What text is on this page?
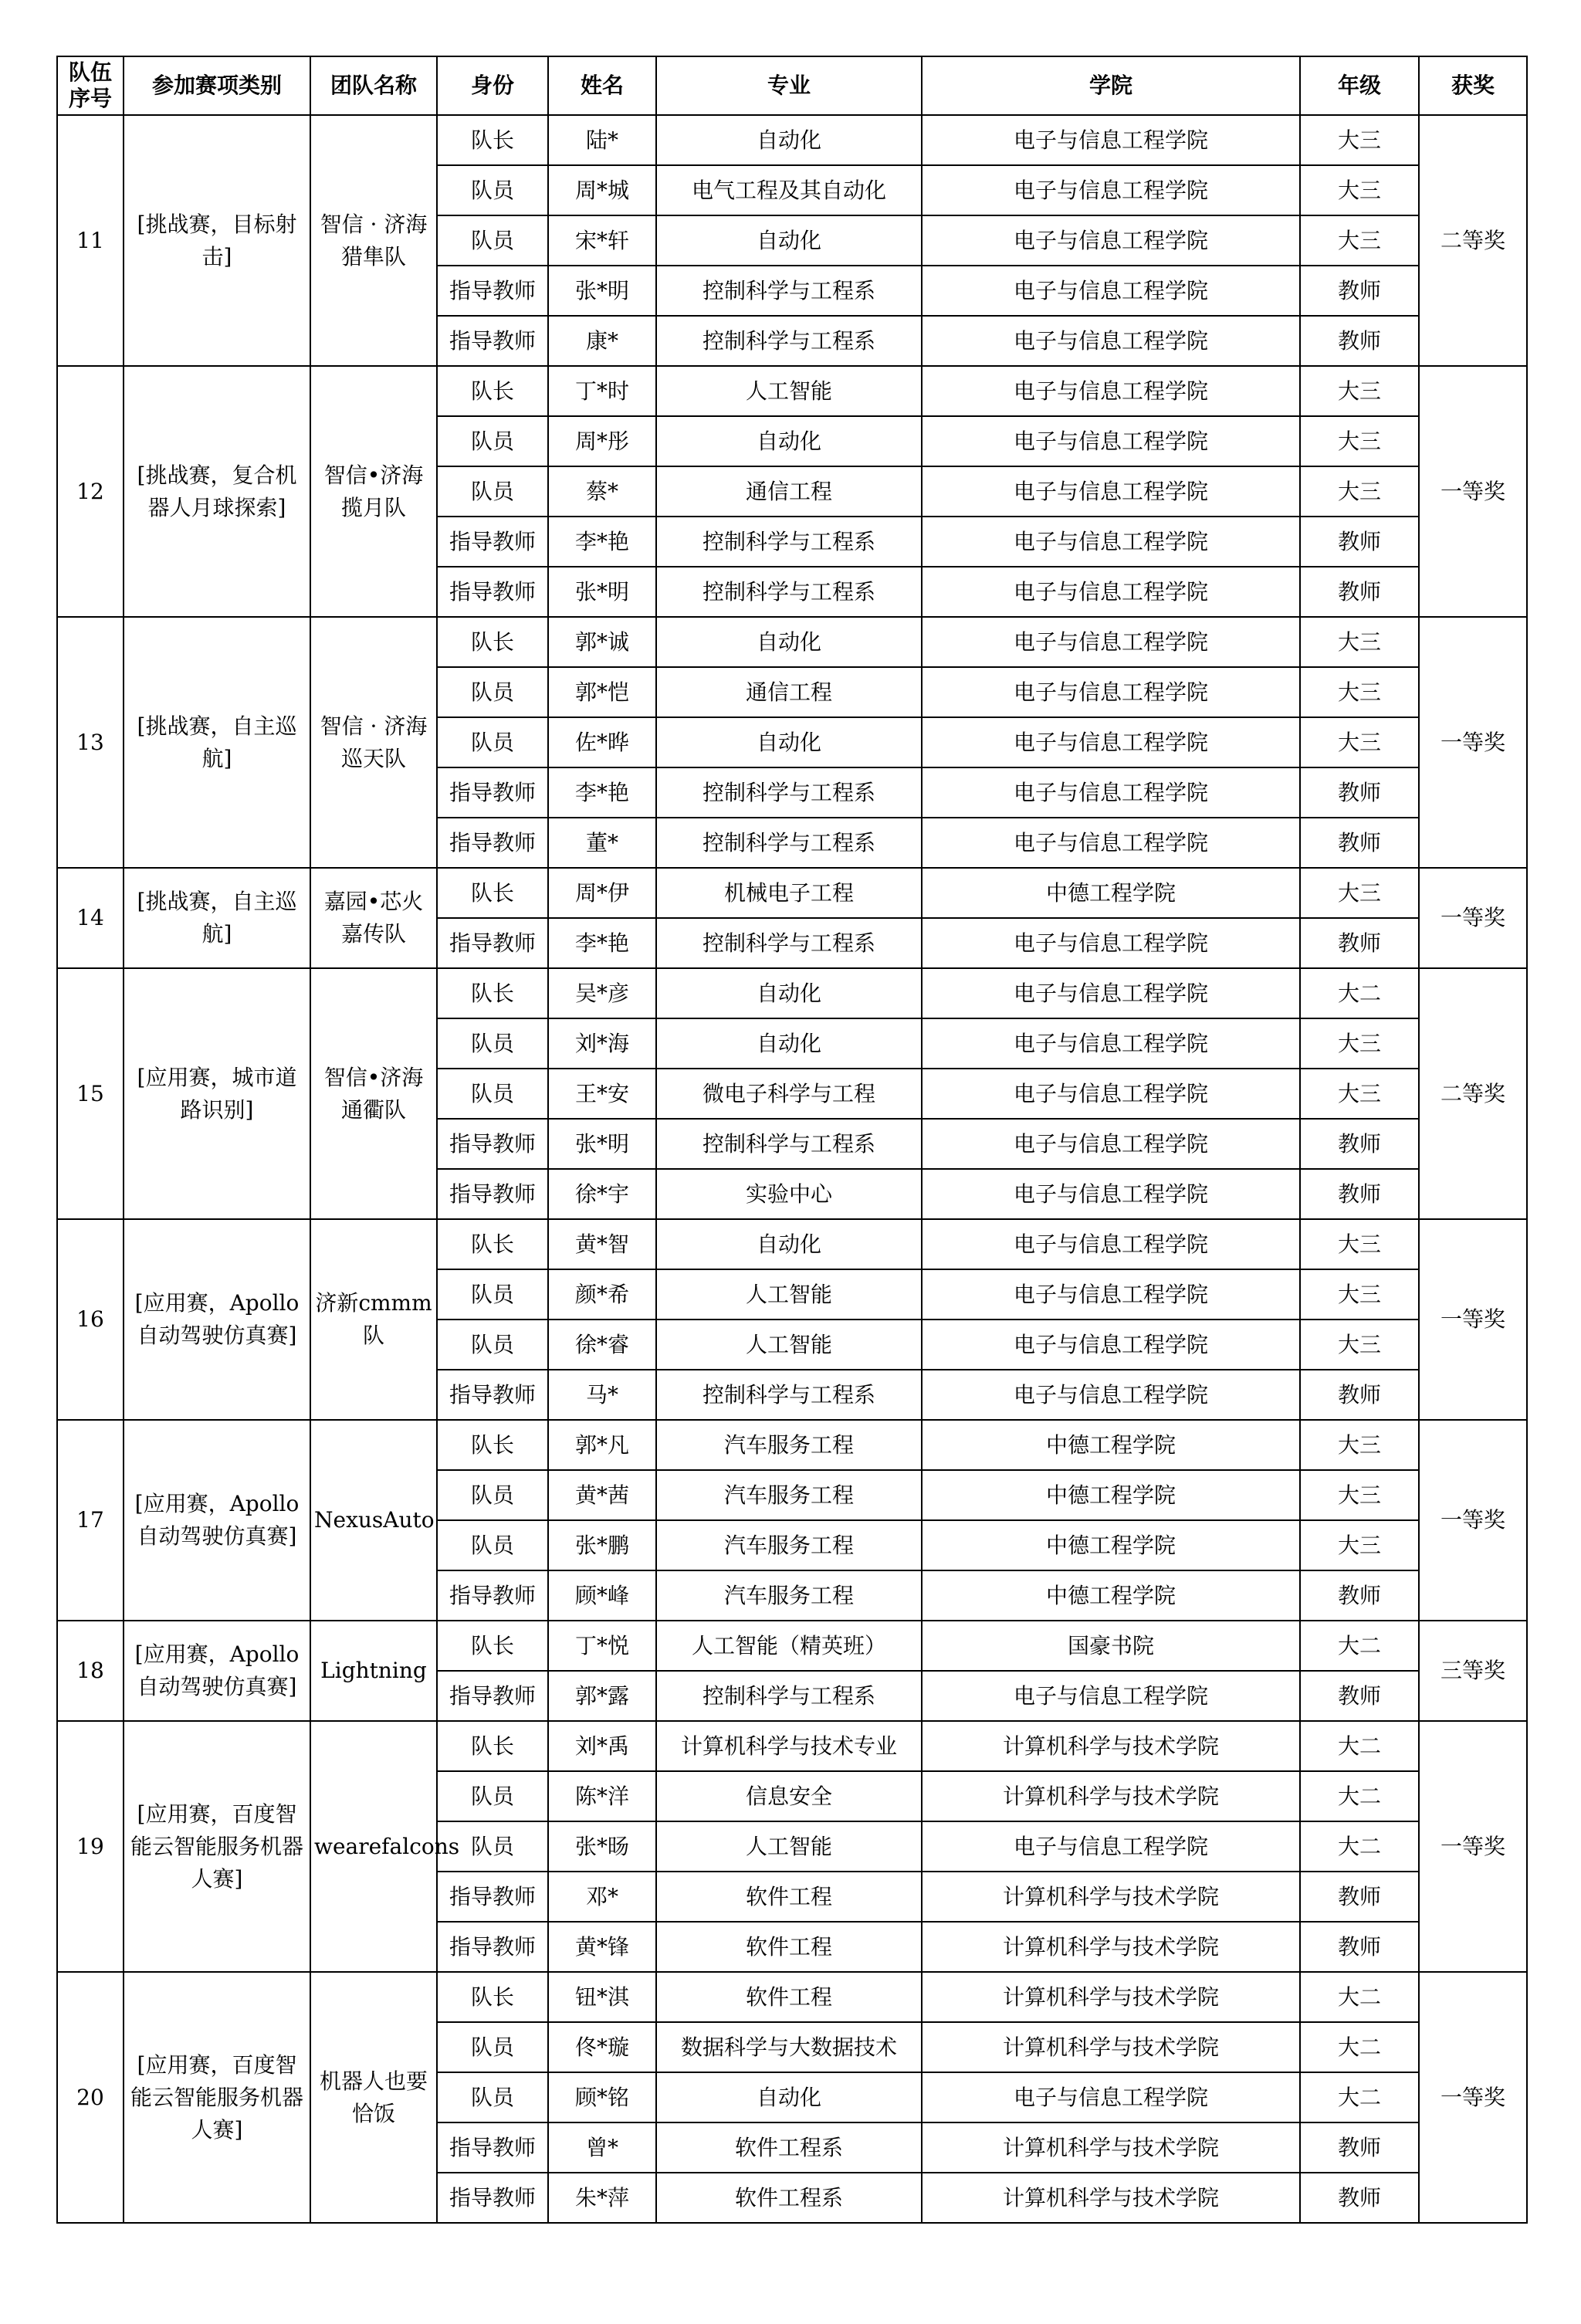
队伍序号	参加赛项类别	团队名称	身份	姓名	专业	学院	年级	获奖
11	[挑战赛，目标射击]	智信 · 济海猎隼队	队长	陆*	自动化	电子与信息工程学院	大三	二等奖
			队员	周*城	电气工程及其自动化	电子与信息工程学院	大三	
			队员	宋*轩	自动化	电子与信息工程学院	大三	
			指导教师	张*明	控制科学与工程系	电子与信息工程学院	教师	
			指导教师	康*	控制科学与工程系	电子与信息工程学院	教师	
12	[挑战赛，复合机器人月球探索]	智信•济海揽月队	队长	丁*时	人工智能	电子与信息工程学院	大三	一等奖
			队员	周*彤	自动化	电子与信息工程学院	大三	
			队员	蔡*	通信工程	电子与信息工程学院	大三	
			指导教师	李*艳	控制科学与工程系	电子与信息工程学院	教师	
			指导教师	张*明	控制科学与工程系	电子与信息工程学院	教师	
13	[挑战赛，自主巡航]	智信 · 济海巡天队	队长	郭*诚	自动化	电子与信息工程学院	大三	一等奖
			队员	郭*恺	通信工程	电子与信息工程学院	大三	
			队员	佐*晔	自动化	电子与信息工程学院	大三	
			指导教师	李*艳	控制科学与工程系	电子与信息工程学院	教师	
			指导教师	董*	控制科学与工程系	电子与信息工程学院	教师	
14	[挑战赛，自主巡航]	嘉园•芯火嘉传队	队长	周*伊	机械电子工程	中德工程学院	大三	一等奖
			指导教师	李*艳	控制科学与工程系	电子与信息工程学院	教师	
15	[应用赛，城市道路识别]	智信•济海通衢队	队长	吴*彦	自动化	电子与信息工程学院	大二	二等奖
			队员	刘*海	自动化	电子与信息工程学院	大三	
			队员	王*安	微电子科学与工程	电子与信息工程学院	大三	
			指导教师	张*明	控制科学与工程系	电子与信息工程学院	教师	
			指导教师	徐*宇	实验中心	电子与信息工程学院	教师	
16	[应用赛，Apollo自动驾驶仿真赛]	济新cmmm队	队长	黄*智	自动化	电子与信息工程学院	大三	一等奖
			队员	颜*希	人工智能	电子与信息工程学院	大三	
			队员	徐*睿	人工智能	电子与信息工程学院	大三	
			指导教师	马*	控制科学与工程系	电子与信息工程学院	教师	
17	[应用赛，Apollo自动驾驶仿真赛]	NexusAuto	队长	郭*凡	汽车服务工程	中德工程学院	大三	一等奖
			队员	黄*茜	汽车服务工程	中德工程学院	大三	
			队员	张*鹏	汽车服务工程	中德工程学院	大三	
			指导教师	顾*峰	汽车服务工程	中德工程学院	教师	
18	[应用赛，Apollo自动驾驶仿真赛]	Lightning	队长	丁*悦	人工智能（精英班）	国豪书院	大二	三等奖
			指导教师	郭*露	控制科学与工程系	电子与信息工程学院	教师	
19	[应用赛，百度智能云智能服务机器人赛]	wearefalcons	队长	刘*禹	计算机科学与技术专业	计算机科学与技术学院	大二	一等奖
			队员	陈*洋	信息安全	计算机科学与技术学院	大二	
			队员	张*旸	人工智能	电子与信息工程学院	大二	
			指导教师	邓*	软件工程	计算机科学与技术学院	教师	
			指导教师	黄*锋	软件工程	计算机科学与技术学院	教师	
20	[应用赛，百度智能云智能服务机器人赛]	机器人也要恰饭	队长	钮*淇	软件工程	计算机科学与技术学院	大二	一等奖
			队员	佟*璇	数据科学与大数据技术	计算机科学与技术学院	大二	
			队员	顾*铭	自动化	电子与信息工程学院	大二	
			指导教师	曾*	软件工程系	计算机科学与技术学院	教师	
			指导教师	朱*萍	软件工程系	计算机科学与技术学院	教师	
